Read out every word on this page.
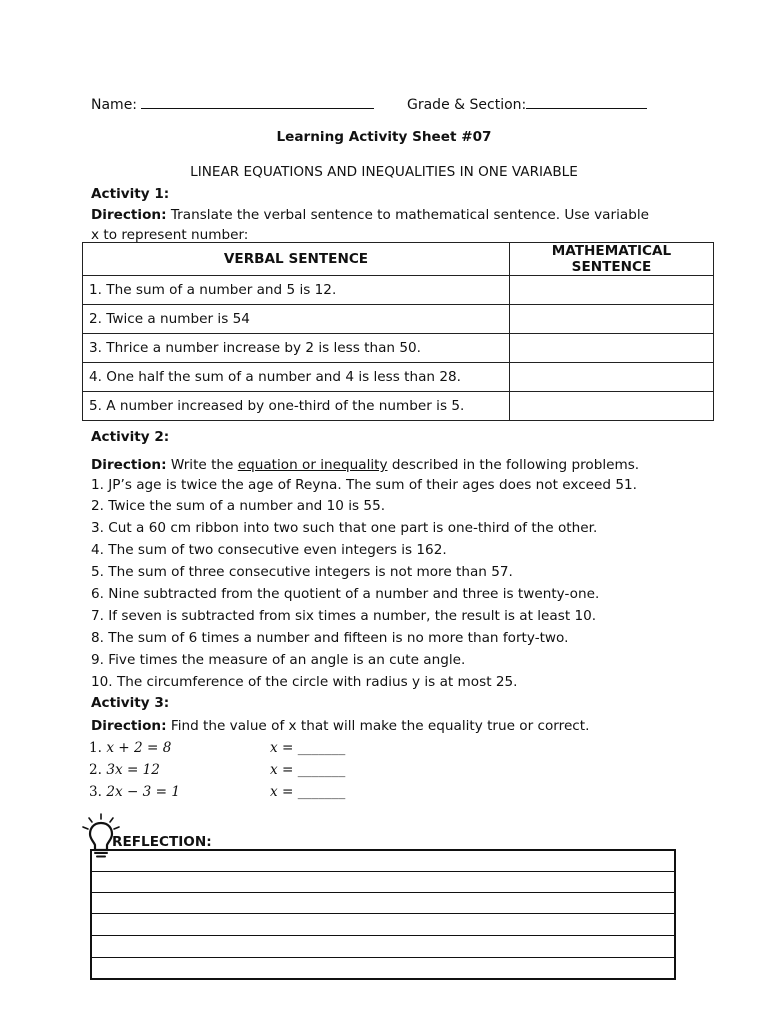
Name:	Grade & Section:
Learning Activity Sheet #07
LINEAR EQUATIONS AND INEQUALITIES IN ONE VARIABLE
Activity 1:
Direction: Translate the verbal sentence to mathematical sentence. Use variable
x to represent number:
VERBAL SENTENCE	MATHEMATICAL SENTENCE
1. The sum of a number and 5 is 12.	
2. Twice a number is 54	
3. Thrice a number increase by 2 is less than 50.	
4. One half the sum of a number and 4 is less than 28.	
5. A number increased by one-third of the number is 5.	
Activity 2:
Direction: Write the equation or inequality described in the following problems.
1. JP’s age is twice the age of Reyna. The sum of their ages does not exceed 51.
2. Twice the sum of a number and 10 is 55.
3. Cut a 60 cm ribbon into two such that one part is one-third of the other.
4. The sum of two consecutive even integers is 162.
5. The sum of three consecutive integers is not more than 57.
6. Nine subtracted from the quotient of a number and three is twenty-one.
7. If seven is subtracted from six times a number, the result is at least 10.
8. The sum of 6 times a number and fifteen is no more than forty-two.
9. Five times the measure of an angle is an cute angle.
10. The circumference of the circle with radius y is at most 25.
Activity 3:
Direction: Find the value of x that will make the equality true or correct.
1. x + 2 = 8	x = _______
2. 3x = 12	x = _______
3. 2x − 3 = 1	x = _______
REFLECTION:
